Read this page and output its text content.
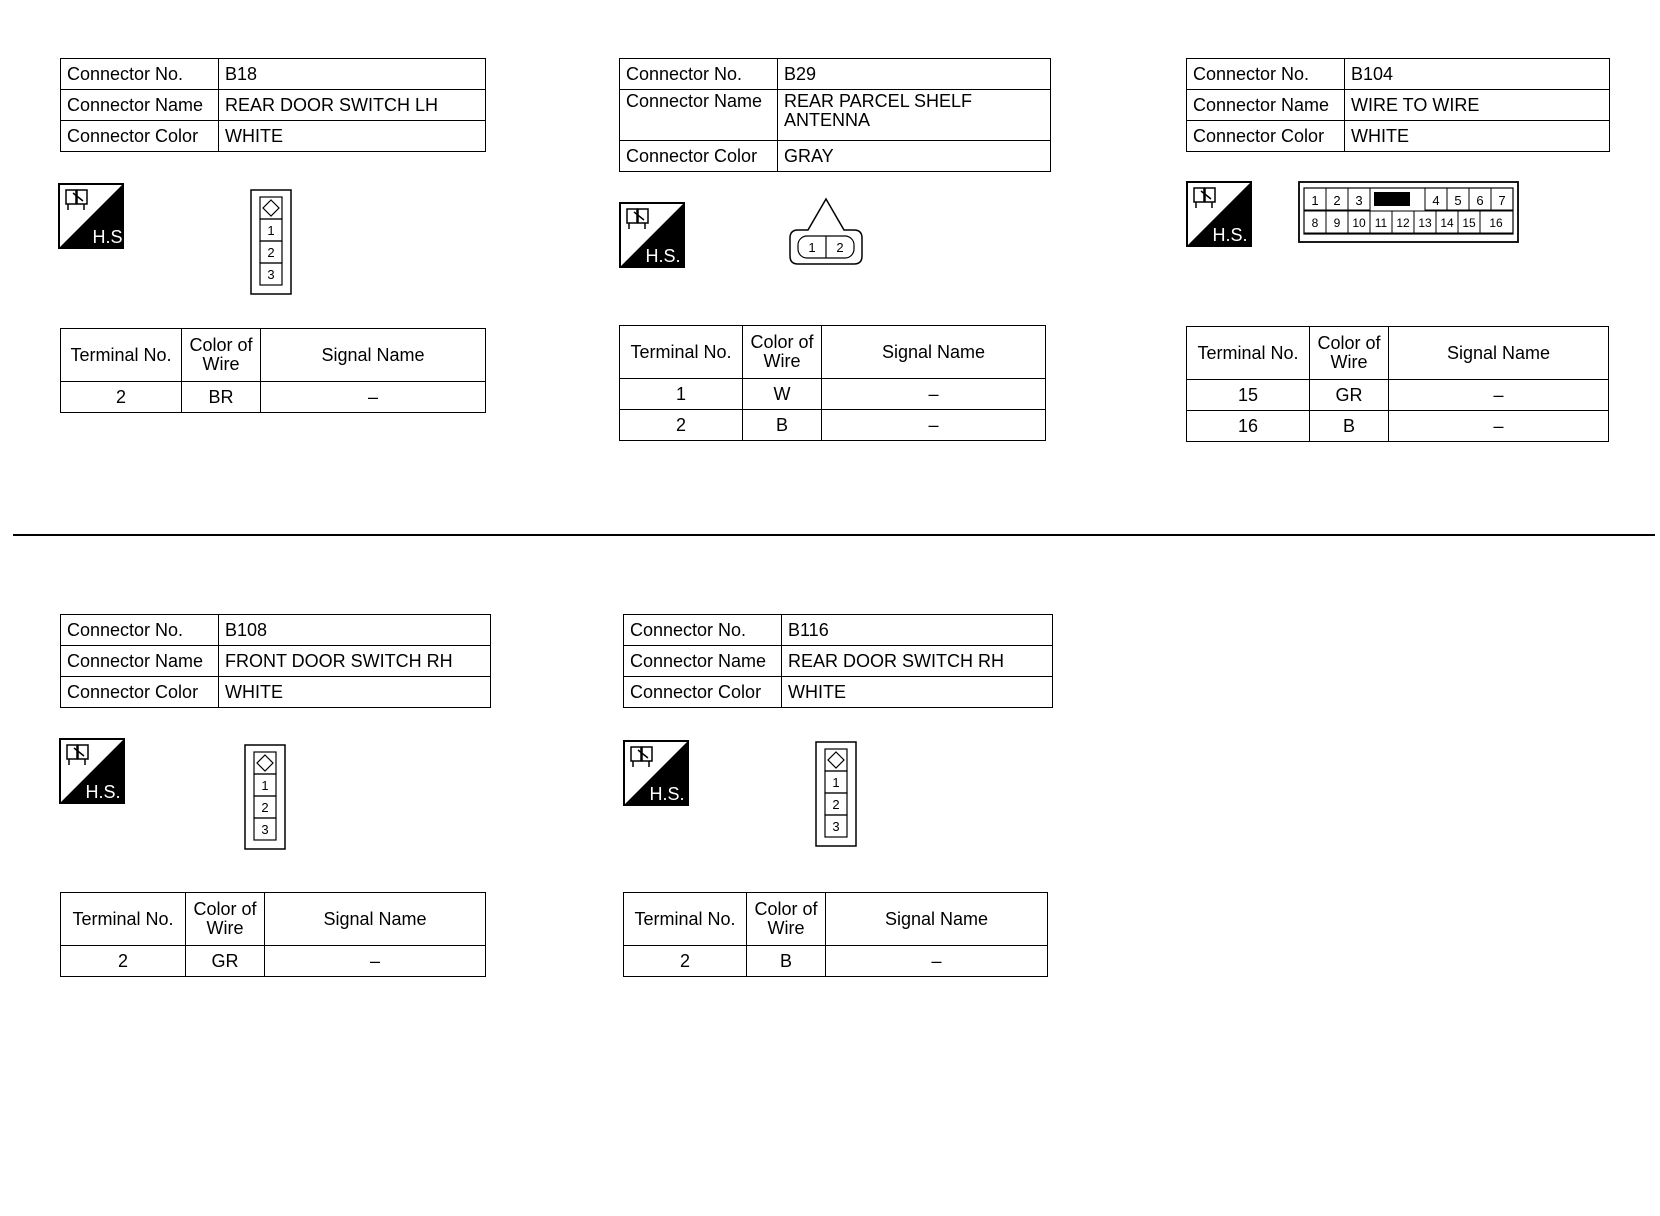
Connector No.	B18
Connector Name	REAR DOOR SWITCH LH
Connector Color	WHITE
H.S.	1
2
3
Terminal No.	Color of Wire	Signal Name
2	BR	–
Connector No.	B29
Connector Name	REAR PARCEL SHELF ANTENNA
Connector Color	GRAY
H.S.	1 2
Terminal No.	Color of Wire	Signal Name
1	W	–
2	B	–
Connector No.	B104
Connector Name	WIRE TO WIRE
Connector Color	WHITE
H.S.
1 2 3	4 5 6 7
8 9 10 11 12 13 14 15 16
Terminal No.	Color of Wire	Signal Name
15	GR	–
16	B	–
Connector No.	B108
Connector Name	FRONT DOOR SWITCH RH
Connector Color	WHITE
H.S.	1
2
3
Terminal No.	Color of Wire	Signal Name
2	GR	–
Connector No.	B116
Connector Name	REAR DOOR SWITCH RH
Connector Color	WHITE
H.S.
1
2
3
Terminal No.	Color of Wire	Signal Name
2	B	–
